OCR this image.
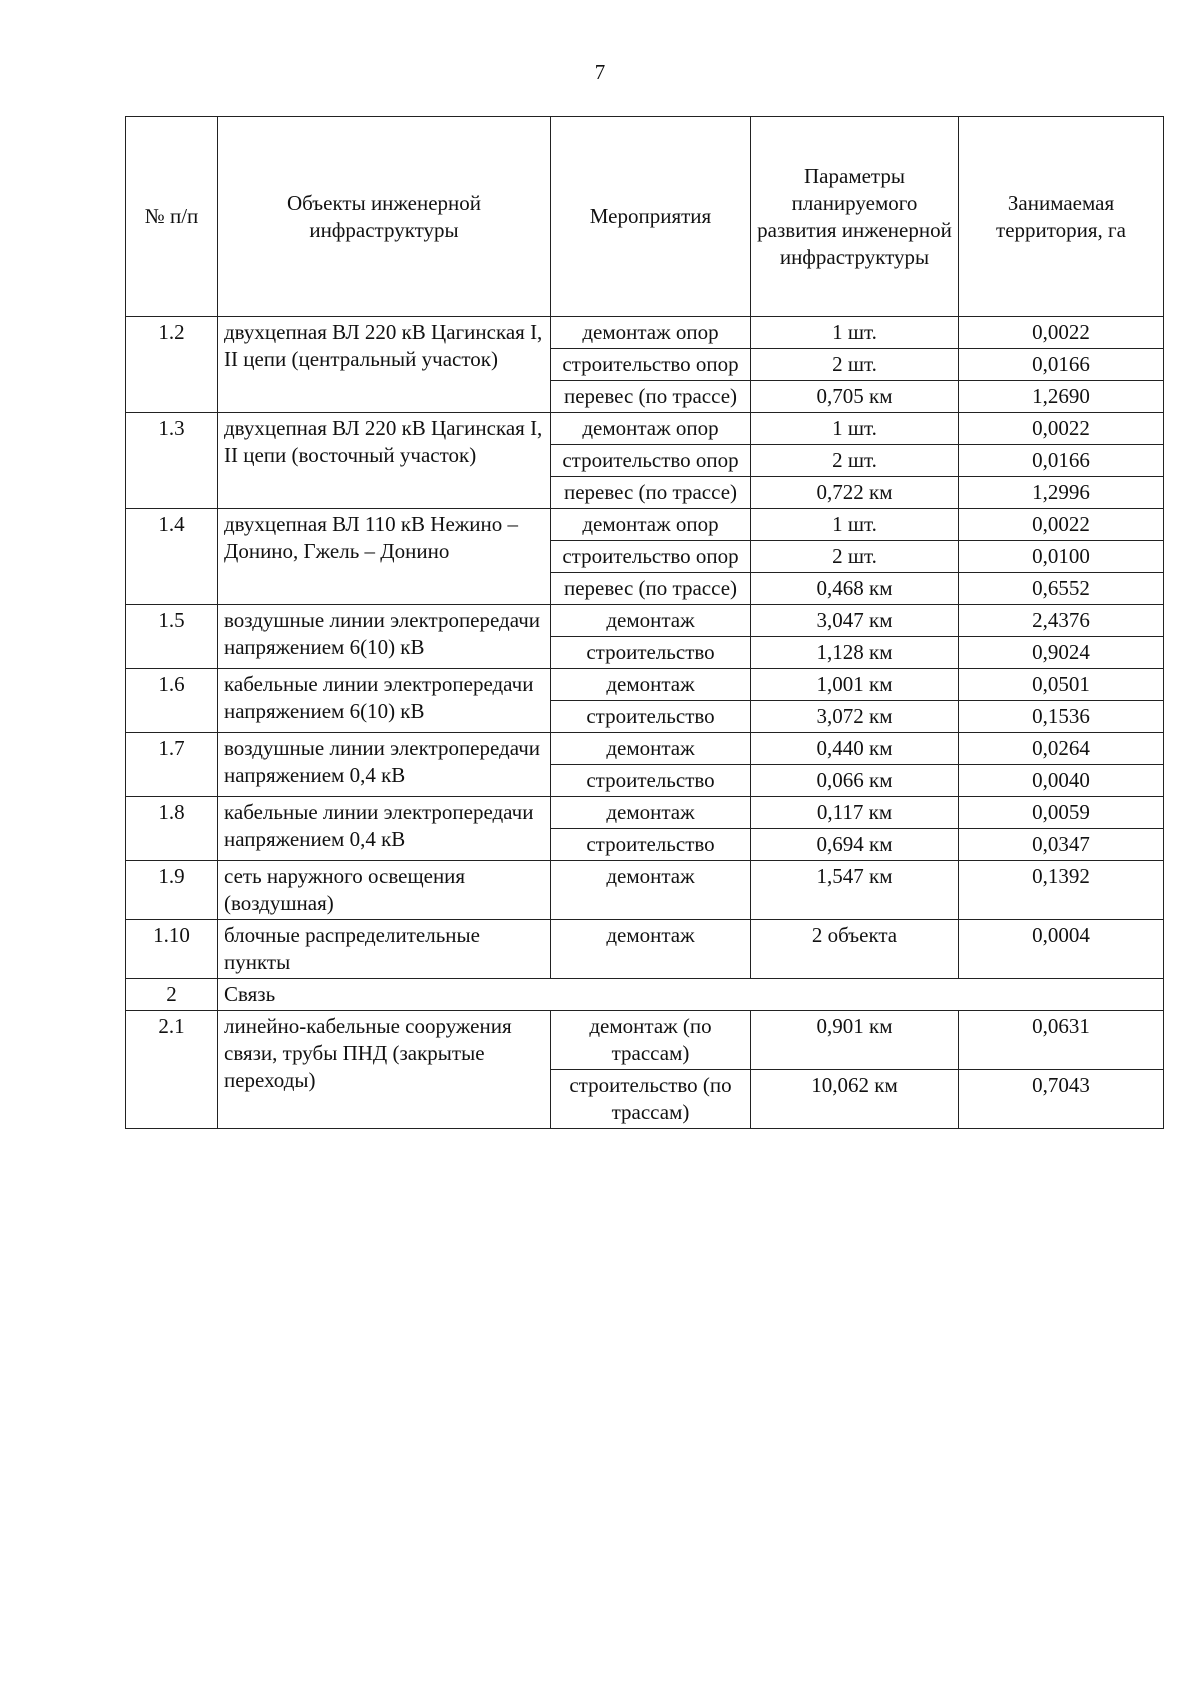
7
№ п/п	Объекты инженерной инфраструктуры	Мероприятия	Параметры планируемого развития инженерной инфраструктуры	Занимаемая территория, га
1.2	двухцепная ВЛ 220 кВ Цагинская I, II цепи (центральный участок)	демонтаж опор	1 шт.	0,0022
		строительство опор	2 шт.	0,0166
		перевес (по трассе)	0,705 км	1,2690
1.3	двухцепная ВЛ 220 кВ Цагинская I, II цепи (восточный участок)	демонтаж опор	1 шт.	0,0022
		строительство опор	2 шт.	0,0166
		перевес (по трассе)	0,722 км	1,2996
1.4	двухцепная ВЛ 110 кВ Нежино – Донино, Гжель – Донино	демонтаж опор	1 шт.	0,0022
		строительство опор	2 шт.	0,0100
		перевес (по трассе)	0,468 км	0,6552
1.5	воздушные линии электропередачи напряжением 6(10) кВ	демонтаж	3,047 км	2,4376
		строительство	1,128 км	0,9024
1.6	кабельные линии электропередачи напряжением 6(10) кВ	демонтаж	1,001 км	0,0501
		строительство	3,072 км	0,1536
1.7	воздушные линии электропередачи напряжением 0,4 кВ	демонтаж	0,440 км	0,0264
		строительство	0,066 км	0,0040
1.8	кабельные линии электропередачи напряжением 0,4 кВ	демонтаж	0,117 км	0,0059
		строительство	0,694 км	0,0347
1.9	сеть наружного освещения (воздушная)	демонтаж	1,547 км	0,1392
1.10	блочные распределительные пункты	демонтаж	2 объекта	0,0004
2	Связь			
2.1	линейно-кабельные сооружения связи, трубы ПНД (закрытые переходы)	демонтаж (по трассам)	0,901 км	0,0631
		строительство (по трассам)	10,062 км	0,7043
